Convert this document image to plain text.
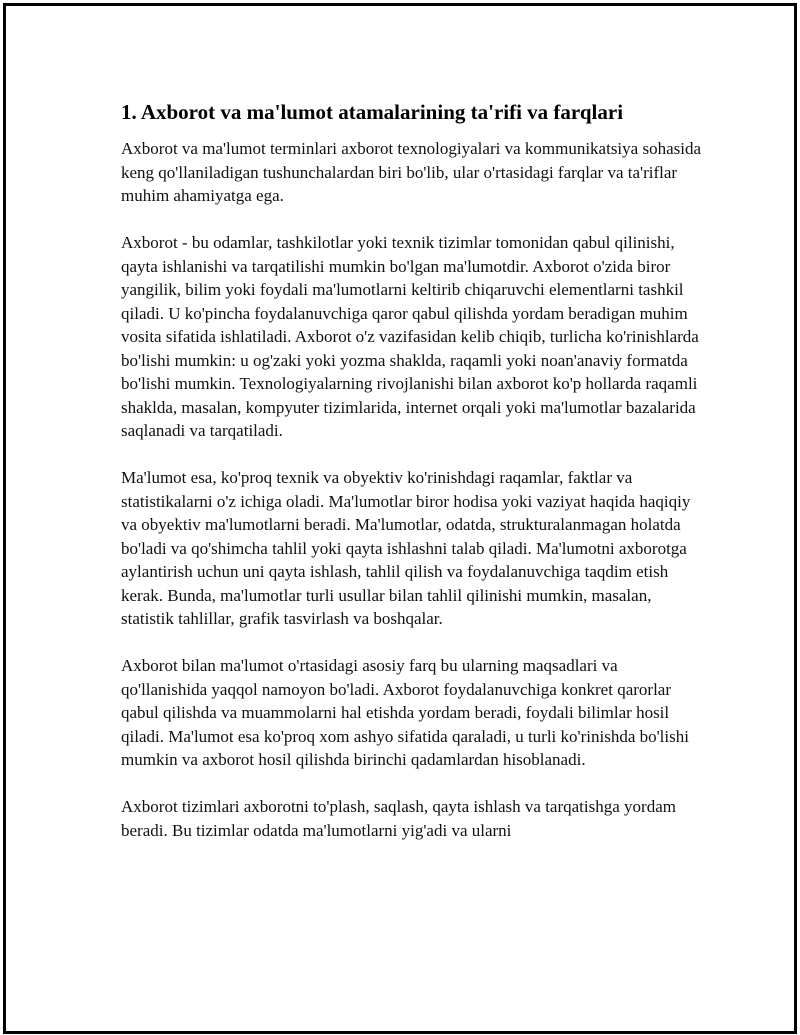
1. Axborot va ma'lumot atamalarining ta'rifi va farqlari

Axborot va ma'lumot terminlari axborot texnologiyalari va kommunikatsiya sohasida keng qo'llaniladigan tushunchalardan biri bo'lib, ular o'rtasidagi farqlar va ta'riflar muhim ahamiyatga ega.

Axborot - bu odamlar, tashkilotlar yoki texnik tizimlar tomonidan qabul qilinishi, qayta ishlanishi va tarqatilishi mumkin bo'lgan ma'lumotdir. Axborot o'zida biror yangilik, bilim yoki foydali ma'lumotlarni keltirib chiqaruvchi elementlarni tashkil qiladi. U ko'pincha foydalanuvchiga qaror qabul qilishda yordam beradigan muhim vosita sifatida ishlatiladi. Axborot o'z vazifasidan kelib chiqib, turlicha ko'rinishlarda bo'lishi mumkin: u og'zaki yoki yozma shaklda, raqamli yoki noan'anaviy formatda bo'lishi mumkin. Texnologiyalarning rivojlanishi bilan axborot ko'p hollarda raqamli shaklda, masalan, kompyuter tizimlarida, internet orqali yoki ma'lumotlar bazalarida saqlanadi va tarqatiladi.

Ma'lumot esa, ko'proq texnik va obyektiv ko'rinishdagi raqamlar, faktlar va statistikalarni o'z ichiga oladi. Ma'lumotlar biror hodisa yoki vaziyat haqida haqiqiy va obyektiv ma'lumotlarni beradi. Ma'lumotlar, odatda, strukturalanmagan holatda bo'ladi va qo'shimcha tahlil yoki qayta ishlashni talab qiladi. Ma'lumotni axborotga aylantirish uchun uni qayta ishlash, tahlil qilish va foydalanuvchiga taqdim etish kerak. Bunda, ma'lumotlar turli usullar bilan tahlil qilinishi mumkin, masalan, statistik tahlillar, grafik tasvirlash va boshqalar.

Axborot bilan ma'lumot o'rtasidagi asosiy farq bu ularning maqsadlari va qo'llanishida yaqqol namoyon bo'ladi. Axborot foydalanuvchiga konkret qarorlar qabul qilishda va muammolarni hal etishda yordam beradi, foydali bilimlar hosil qiladi. Ma'lumot esa ko'proq xom ashyo sifatida qaraladi, u turli ko'rinishda bo'lishi mumkin va axborot hosil qilishda birinchi qadamlardan hisoblanadi.

Axborot tizimlari axborotni to'plash, saqlash, qayta ishlash va tarqatishga yordam beradi. Bu tizimlar odatda ma'lumotlarni yig'adi va ularni
